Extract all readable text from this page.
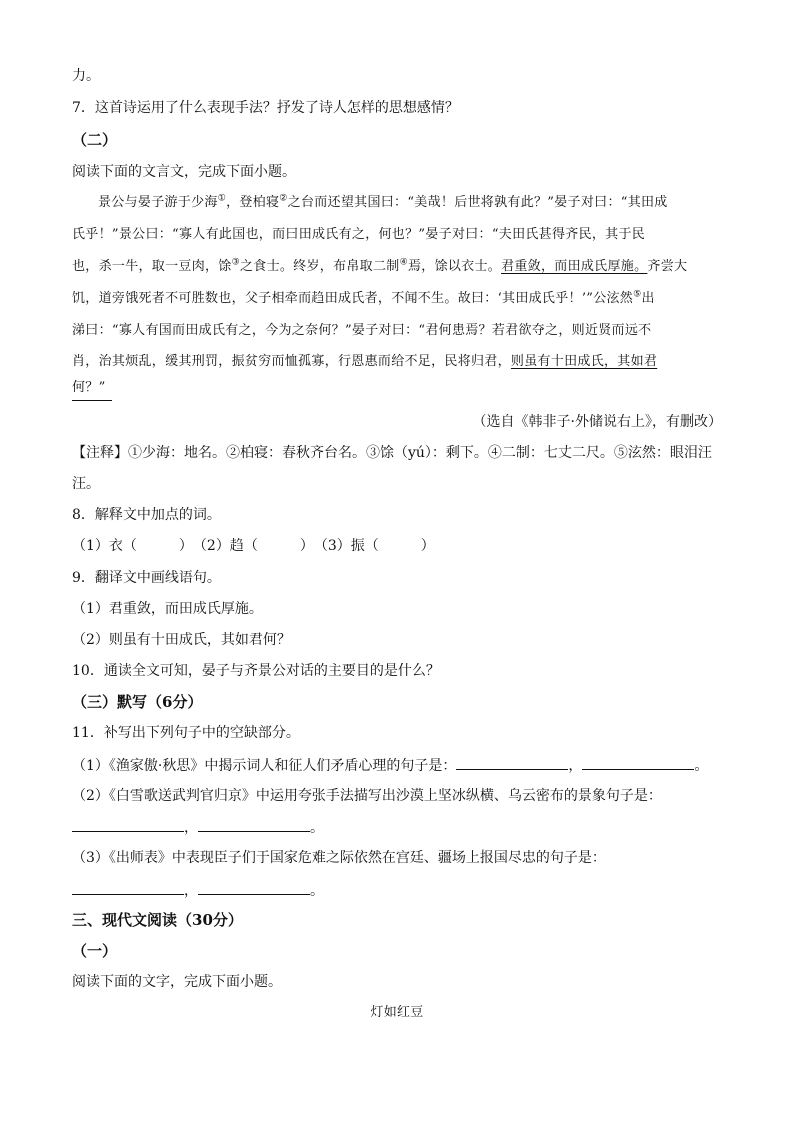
力。
7．这首诗运用了什么表现手法？抒发了诗人怎样的思想感情？
（二）
阅读下面的文言文，完成下面小题。
景公与晏子游于少海①，登柏寝②之台而还望其国曰：“美哉！后世将孰有此？”晏子对曰：“其田成
氏乎！”景公曰：“寡人有此国也，而曰田成氏有之，何也？”晏子对曰：“夫田氏甚得齐民，其于民
也，杀一牛，取一豆肉，馀③之食士。终岁，布帛取二制④焉，馀以衣士。君重敛，而田成氏厚施。齐尝大
饥，道旁饿死者不可胜数也，父子相牵而趋田成氏者，不闻不生。故曰：‘其田成氏乎！’”公泫然⑤出
涕曰：“寡人有国而田成氏有之，今为之奈何？”晏子对曰：“君何患焉？若君欲夺之，则近贤而远不
肖，治其烦乱，缓其刑罚，振贫穷而恤孤寡，行恩惠而给不足，民将归君，则虽有十田成氏，其如君
何？”
（选自《韩非子·外储说右上》，有删改）
【注释】①少海：地名。②柏寝：春秋齐台名。③馀（yú）：剩下。④二制：七丈二尺。⑤泫然：眼泪汪
汪。
8．解释文中加点的词。
（1）衣（　　　）　（2）趋（　　　）　（3）振（　　　）
9．翻译文中画线语句。
（1）君重敛，而田成氏厚施。
（2）则虽有十田成氏，其如君何？
10．通读全文可知，晏子与齐景公对话的主要目的是什么？
（三）默写（6分）
11．补写出下列句子中的空缺部分。
（1）《渔家傲·秋思》中揭示词人和征人们矛盾心理的句子是：	，	。
（2）《白雪歌送武判官归京》中运用夸张手法描写出沙漠上坚冰纵横、乌云密布的景象句子是：
，	。
（3）《出师表》中表现臣子们于国家危难之际依然在宫廷、疆场上报国尽忠的句子是：
，	。
三、现代文阅读（30分）
（一）
阅读下面的文字，完成下面小题。
灯如红豆
